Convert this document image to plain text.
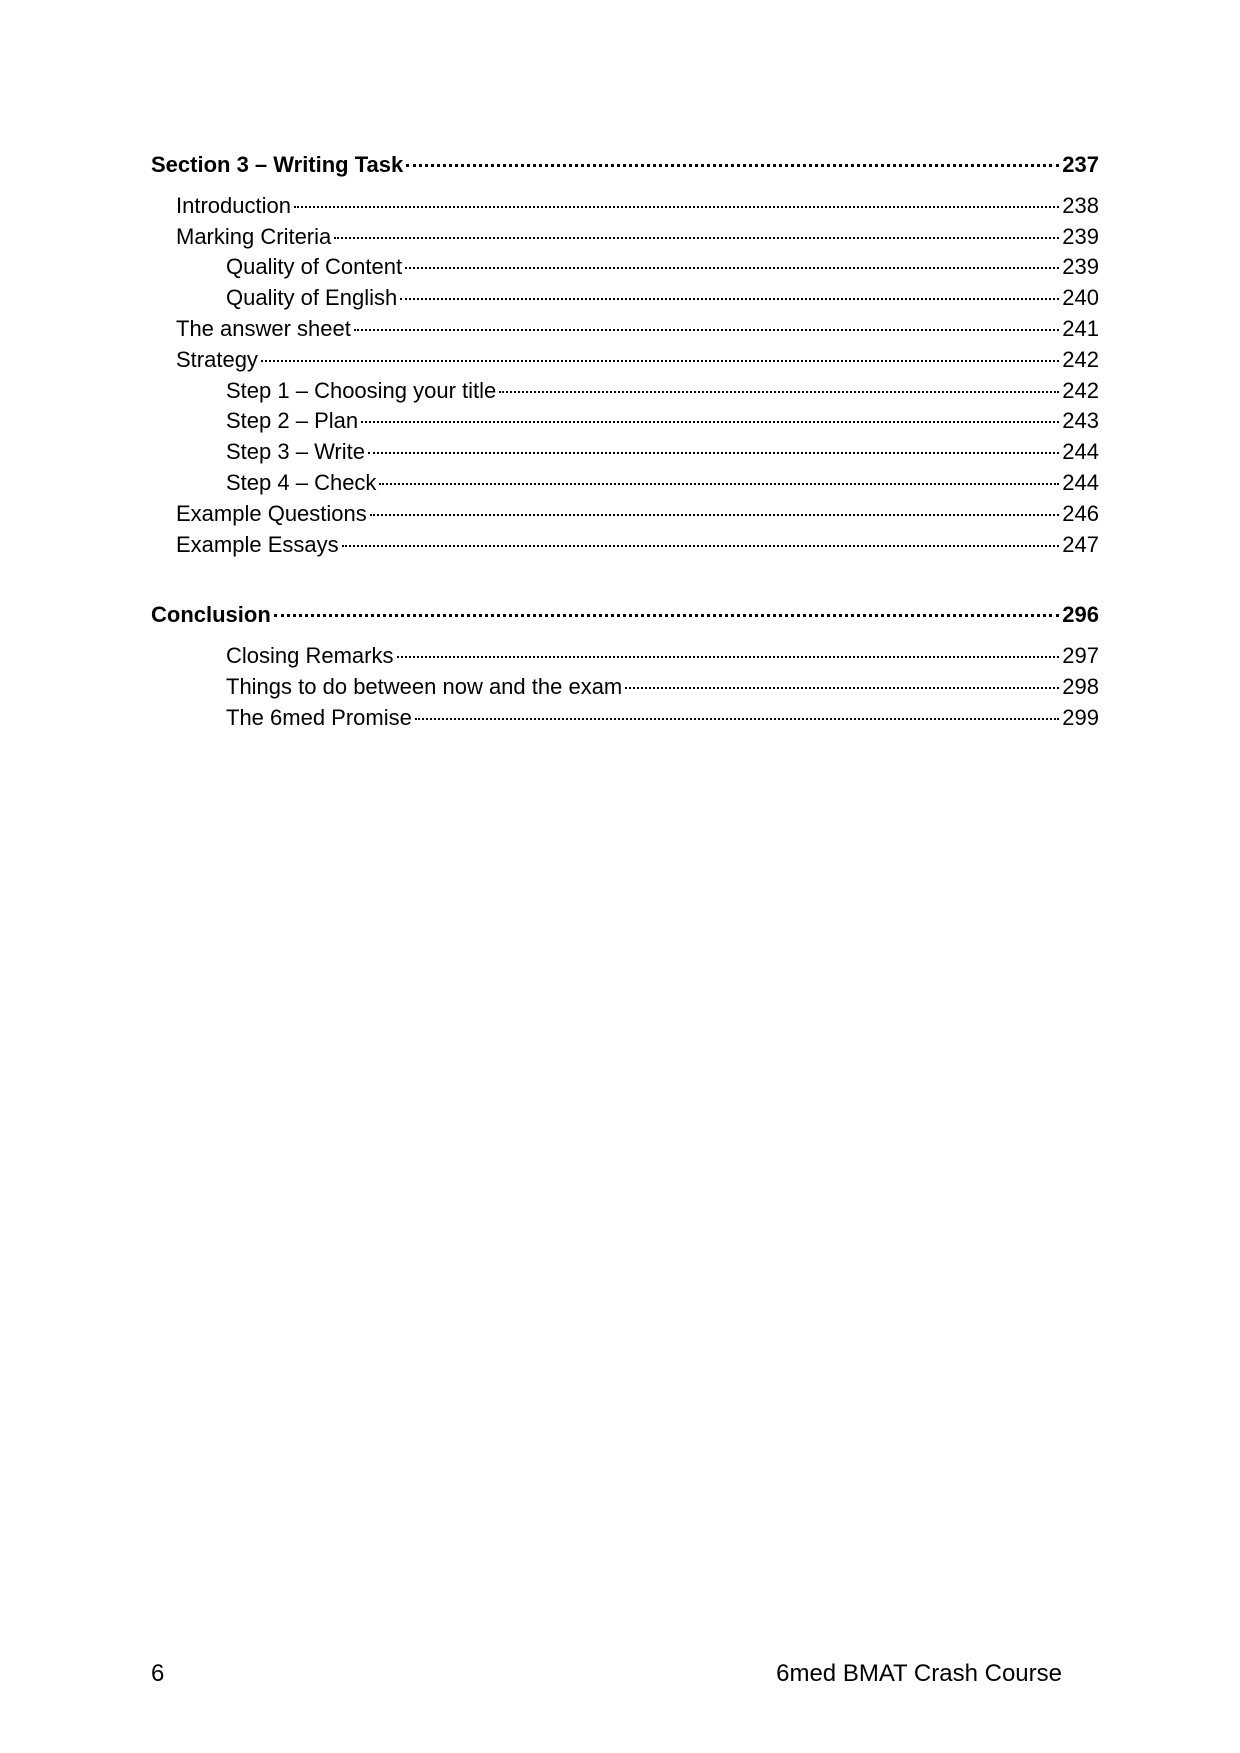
Section 3 – Writing Task	237
Introduction	238
Marking Criteria	239
Quality of Content	239
Quality of English	240
The answer sheet	241
Strategy	242
Step 1 – Choosing your title	242
Step 2 – Plan	243
Step 3 – Write	244
Step 4 – Check	244
Example Questions	246
Example Essays	247
Conclusion	296
Closing Remarks	297
Things to do between now and the exam	298
The 6med Promise	299
6	6med BMAT Crash Course
